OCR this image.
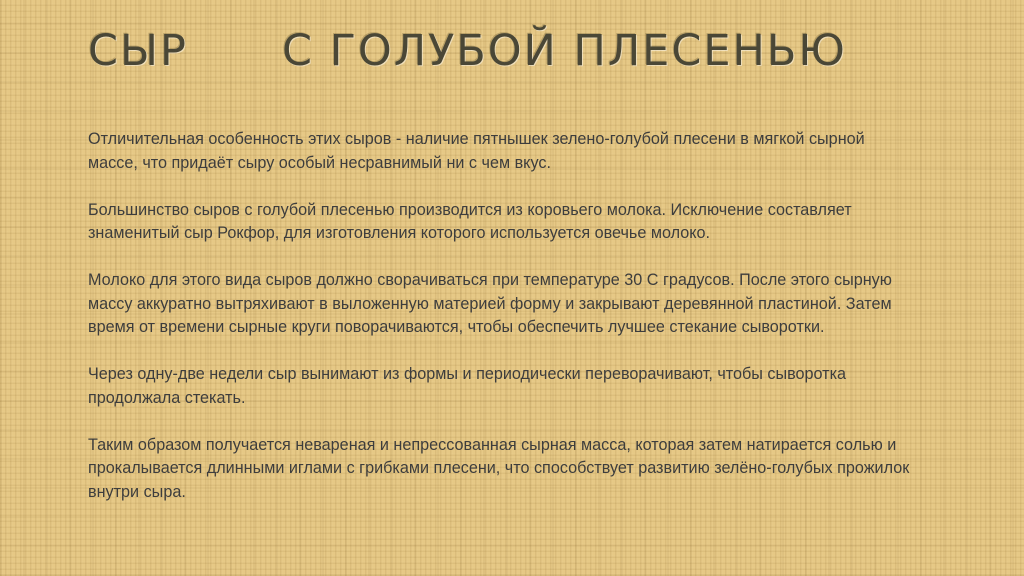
СЫР С ГОЛУБОЙ ПЛЕСЕНЬЮ

Отличительная особенность этих сыров - наличие пятнышек зелено-голубой плесени в мягкой сырной массе, что придаёт сыру особый несравнимый ни с чем вкус.

Большинство сыров с голубой плесенью производится из коровьего молока. Исключение составляет знаменитый сыр Рокфор, для изготовления которого используется овечье молоко.

Молоко для этого вида сыров должно сворачиваться при температуре 30 С градусов. После этого сырную массу аккуратно вытряхивают в выложенную материей форму и закрывают деревянной пластиной. Затем время от времени сырные круги поворачиваются, чтобы обеспечить лучшее стекание сыворотки.

Через одну-две недели сыр вынимают из формы и периодически переворачивают, чтобы сыворотка продолжала стекать.

Таким образом получается невареная и непрессованная сырная масса, которая затем натирается солью и прокалывается длинными иглами с грибками плесени, что способствует развитию зелёно-голубых прожилок внутри сыра.
